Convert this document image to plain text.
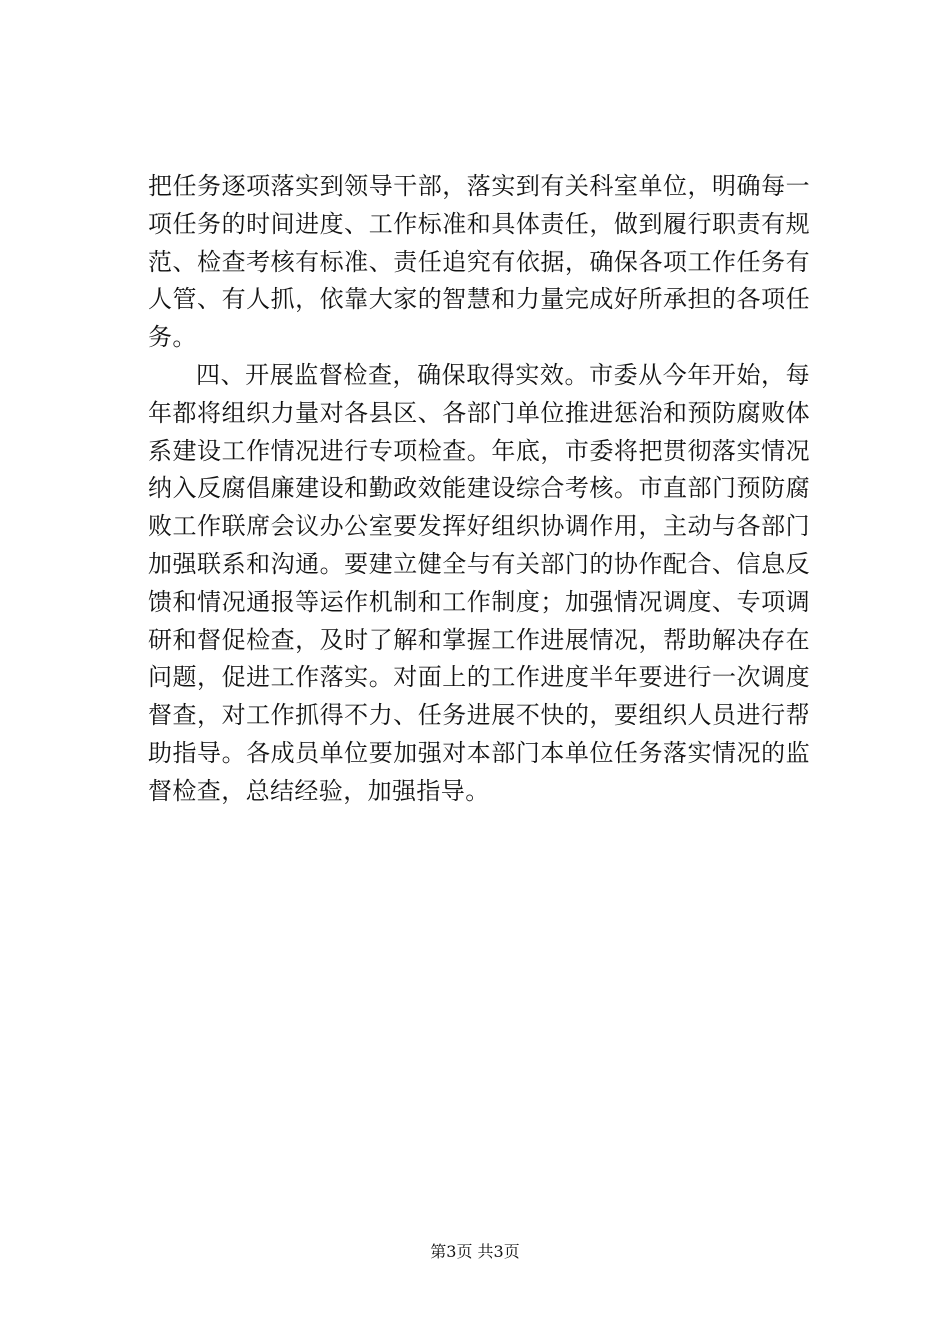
把任务逐项落实到领导干部，落实到有关科室单位，明确每一项任务的时间进度、工作标准和具体责任，做到履行职责有规范、检查考核有标准、责任追究有依据，确保各项工作任务有人管、有人抓，依靠大家的智慧和力量完成好所承担的各项任务。

四、开展监督检查，确保取得实效。市委从今年开始，每年都将组织力量对各县区、各部门单位推进惩治和预防腐败体系建设工作情况进行专项检查。年底，市委将把贯彻落实情况纳入反腐倡廉建设和勤政效能建设综合考核。市直部门预防腐败工作联席会议办公室要发挥好组织协调作用，主动与各部门加强联系和沟通。要建立健全与有关部门的协作配合、信息反馈和情况通报等运作机制和工作制度；加强情况调度、专项调研和督促检查，及时了解和掌握工作进展情况，帮助解决存在问题，促进工作落实。对面上的工作进度半年要进行一次调度督查，对工作抓得不力、任务进展不快的，要组织人员进行帮助指导。各成员单位要加强对本部门本单位任务落实情况的监督检查，总结经验，加强指导。

第3页 共3页
